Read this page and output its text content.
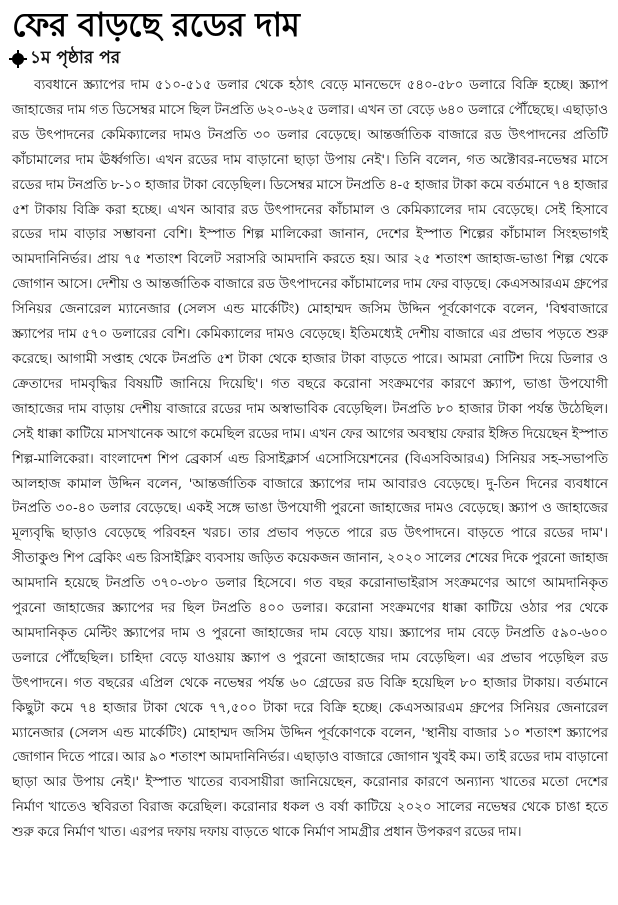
ফের বাড়ছে রডের দাম
১ম পৃষ্ঠার পর

ব্যবধানে স্ক্র্যাপের দাম ৫১০-৫১৫ ডলার থেকে হঠাৎ বেড়ে মানভেদে ৫৪০-৫৮০ ডলারে বিক্রি হচ্ছে। স্ক্র্যাপ জাহাজের দাম গত ডিসেম্বর মাসে ছিল টনপ্রতি ৬২০-৬২৫ ডলার। এখন তা বেড়ে ৬৪০ ডলারে পৌঁছেছে। এছাড়াও রড উৎপাদনের কেমিক্যালের দামও টনপ্রতি ৩০ ডলার বেড়েছে। আন্তর্জাতিক বাজারে রড উৎপাদনের প্রতিটি কাঁচামালের দাম ঊর্ধ্বগতি। এখন রডের দাম বাড়ানো ছাড়া উপায় নেই'। তিনি বলেন, গত অক্টোবর-নভেম্বর মাসে রডের দাম টনপ্রতি ৮-১০ হাজার টাকা বেড়েছিল। ডিসেম্বর মাসে টনপ্রতি ৪-৫ হাজার টাকা কমে বর্তমানে ৭৪ হাজার ৫শ টাকায় বিক্রি করা হচ্ছে। এখন আবার রড উৎপাদনের কাঁচামাল ও কেমিক্যালের দাম বেড়েছে। সেই হিসাবে রডের দাম বাড়ার সম্ভাবনা বেশি। ইস্পাত শিল্প মালিকেরা জানান, দেশের ইস্পাত শিল্পের কাঁচামাল সিংহভাগই আমদানিনির্ভর। প্রায় ৭৫ শতাংশ বিলেট সরাসরি আমদানি করতে হয়। আর ২৫ শতাংশ জাহাজ-ভাঙা শিল্প থেকে জোগান আসে। দেশীয় ও আন্তর্জাতিক বাজারে রড উৎপাদনের কাঁচামালের দাম ফের বাড়ছে। কেএসআরএম গ্রুপের সিনিয়র জেনারেল ম্যানেজার (সেলস এন্ড মার্কেটিং) মোহাম্মদ জসিম উদ্দিন পূর্বকোণকে বলেন, 'বিশ্ববাজারে স্ক্র্যাপের দাম ৫৭০ ডলারের বেশি। কেমিক্যালের দামও বেড়েছে। ইতিমধ্যেই দেশীয় বাজারে এর প্রভাব পড়তে শুরু করেছে। আগামী সপ্তাহ থেকে টনপ্রতি ৫শ টাকা থেকে হাজার টাকা বাড়তে পারে। আমরা নোটিশ দিয়ে ডিলার ও ক্রেতাদের দামবৃদ্ধির বিষয়টি জানিয়ে দিয়েছি'। গত বছরে করোনা সংক্রমণের কারণে স্ক্র্যাপ, ভাঙা উপযোগী জাহাজের দাম বাড়ায় দেশীয় বাজারে রডের দাম অস্বাভাবিক বেড়েছিল। টনপ্রতি ৮০ হাজার টাকা পর্যন্ত উঠেছিল। সেই ধাক্কা কাটিয়ে মাসখানেক আগে কমেছিল রডের দাম। এখন ফের আগের অবস্থায় ফেরার ইঙ্গিত দিয়েছেন ইস্পাত শিল্প-মালিকেরা। বাংলাদেশ শিপ ব্রেকার্স এন্ড রিসাইক্লার্স এসোসিয়েশনের (বিএসবিআরএ) সিনিয়র সহ-সভাপতি আলহাজ কামাল উদ্দিন বলেন, 'আন্তর্জাতিক বাজারে স্ক্র্যাপের দাম আবারও বেড়েছে। দু-তিন দিনের ব্যবধানে টনপ্রতি ৩০-৪০ ডলার বেড়েছে। একই সঙ্গে ভাঙা উপযোগী পুরনো জাহাজের দামও বেড়েছে। স্ক্র্যাপ ও জাহাজের মূল্যবৃদ্ধি ছাড়াও বেড়েছে পরিবহন খরচ। তার প্রভাব পড়তে পারে রড উৎপাদনে। বাড়তে পারে রডের দাম'। সীতাকুণ্ড শিপ ব্রেকিং এন্ড রিসাইক্লিং ব্যবসায় জড়িত কয়েকজন জানান, ২০২০ সালের শেষের দিকে পুরনো জাহাজ আমদানি হয়েছে টনপ্রতি ৩৭০-৩৮০ ডলার হিসেবে। গত বছর করোনাভাইরাস সংক্রমণের আগে আমদানিকৃত পুরনো জাহাজের স্ক্র্যাপের দর ছিল টনপ্রতি ৪০০ ডলার। করোনা সংক্রমণের ধাক্কা কাটিয়ে ওঠার পর থেকে আমদানিকৃত মেল্টিং স্ক্র্যাপের দাম ও পুরনো জাহাজের দাম বেড়ে যায়। স্ক্র্যাপের দাম বেড়ে টনপ্রতি ৫৯০-৬০০ ডলারে পৌঁছেছিল। চাহিদা বেড়ে যাওয়ায় স্ক্র্যাপ ও পুরনো জাহাজের দাম বেড়েছিল। এর প্রভাব পড়েছিল রড উৎপাদনে। গত বছরের এপ্রিল থেকে নভেম্বর পর্যন্ত ৬০ গ্রেডের রড বিক্রি হয়েছিল ৮০ হাজার টাকায়। বর্তমানে কিছুটা কমে ৭৪ হাজার টাকা থেকে ৭৭,৫০০ টাকা দরে বিক্রি হচ্ছে। কেএসআরএম গ্রুপের সিনিয়র জেনারেল ম্যানেজার (সেলস এন্ড মার্কেটিং) মোহাম্মদ জসিম উদ্দিন পূর্বকোণকে বলেন, 'স্থানীয় বাজার ১০ শতাংশ স্ক্র্যাপের জোগান দিতে পারে। আর ৯০ শতাংশ আমদানিনির্ভর। এছাড়াও বাজারে জোগান খুবই কম। তাই রডের দাম বাড়ানো ছাড়া আর উপায় নেই।' ইস্পাত খাতের ব্যবসায়ীরা জানিয়েছেন, করোনার কারণে অন্যান্য খাতের মতো দেশের নির্মাণ খাতেও স্থবিরতা বিরাজ করেছিল। করোনার ধকল ও বর্ষা কাটিয়ে ২০২০ সালের নভেম্বর থেকে চাঙা হতে শুরু করে নির্মাণ খাত। এরপর দফায় দফায় বাড়তে থাকে নির্মাণ সামগ্রীর প্রধান উপকরণ রডের দাম।
